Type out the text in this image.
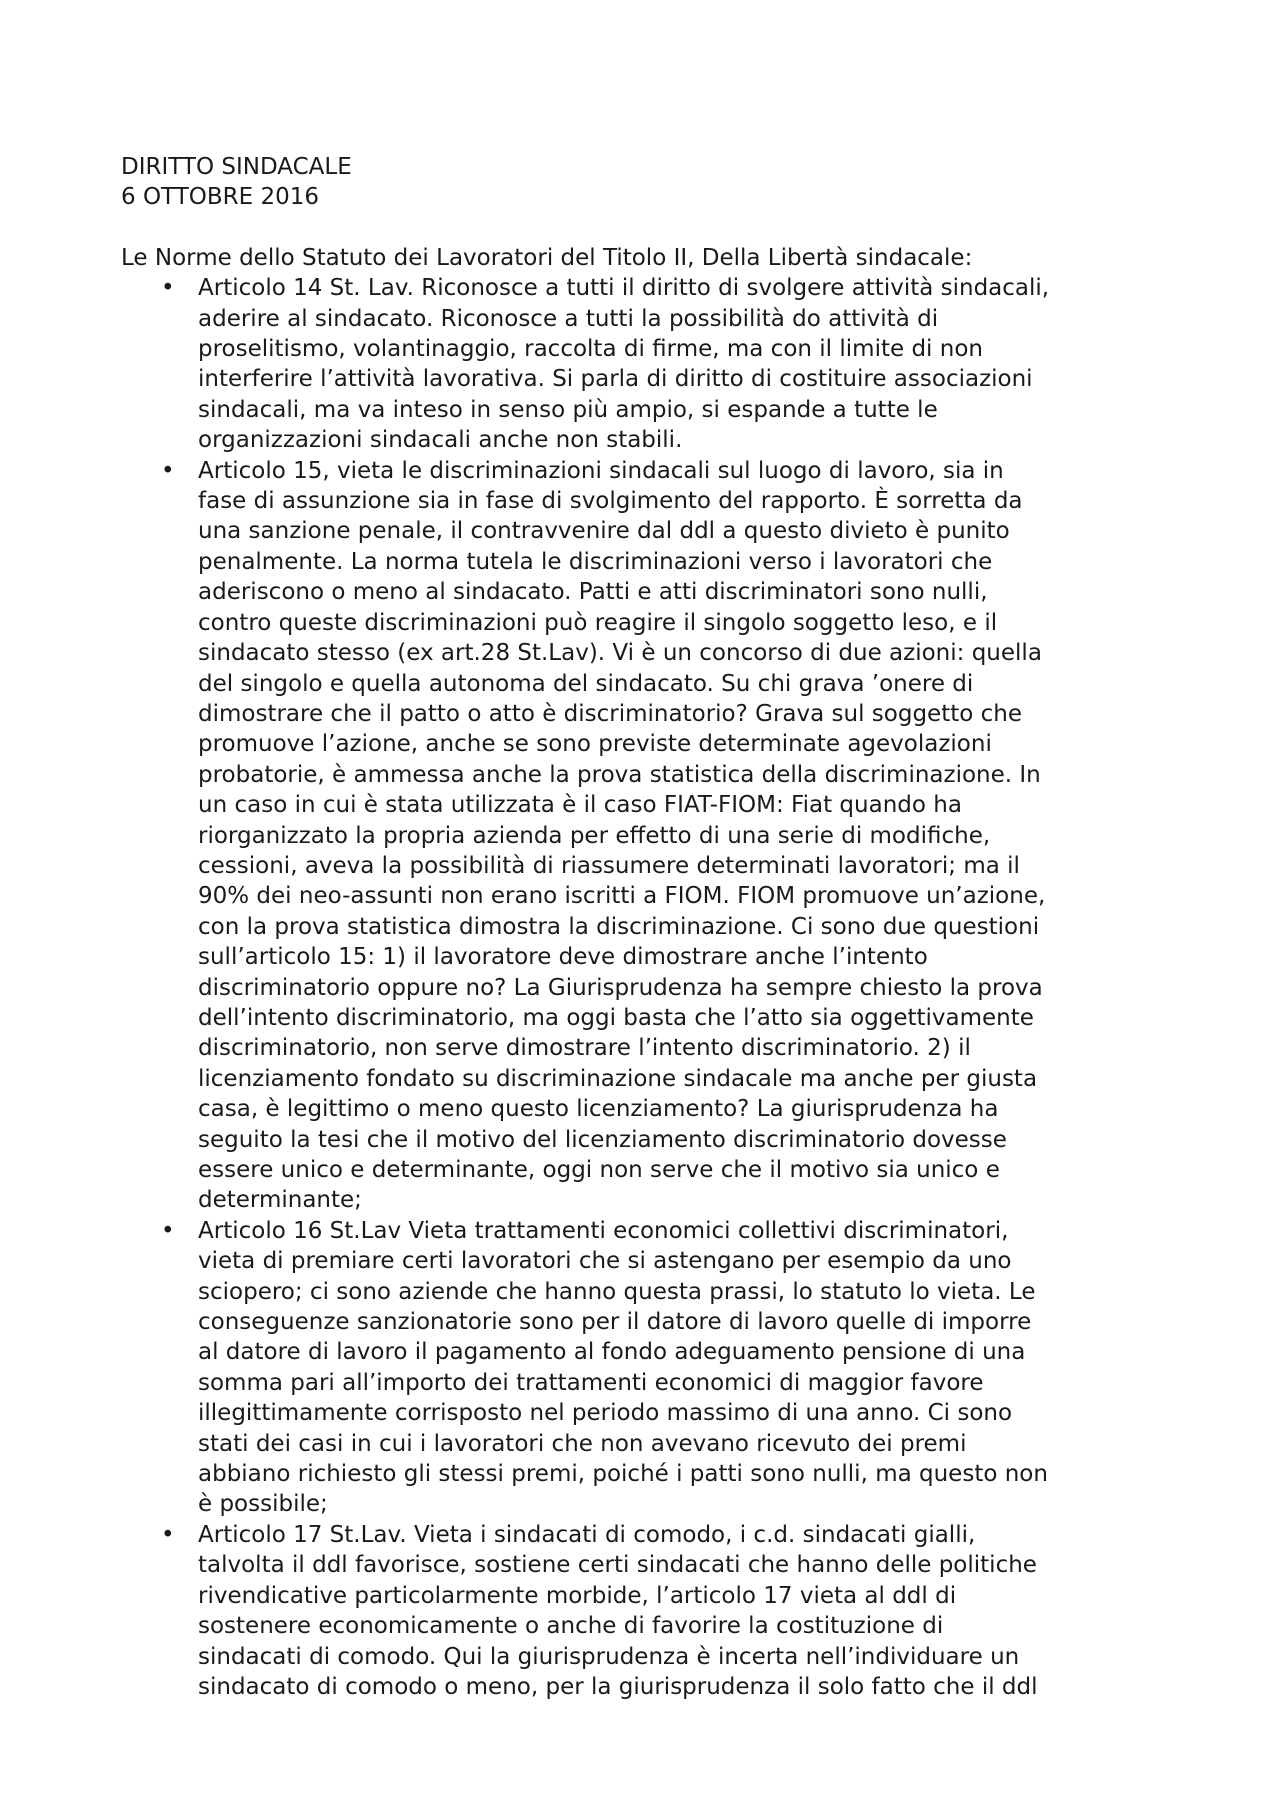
DIRITTO SINDACALE

6 OTTOBRE 2016

Le Norme dello Statuto dei Lavoratori del Titolo II, Della Libertà sindacale:

• Articolo 14 St. Lav. Riconosce a tutti il diritto di svolgere attività sindacali,
aderire al sindacato. Riconosce a tutti la possibilità do attività di
proselitismo, volantinaggio, raccolta di firme, ma con il limite di non
interferire l’attività lavorativa. Si parla di diritto di costituire associazioni
sindacali, ma va inteso in senso più ampio, si espande a tutte le
organizzazioni sindacali anche non stabili.
• Articolo 15, vieta le discriminazioni sindacali sul luogo di lavoro, sia in
fase di assunzione sia in fase di svolgimento del rapporto. È sorretta da
una sanzione penale, il contravvenire dal ddl a questo divieto è punito
penalmente. La norma tutela le discriminazioni verso i lavoratori che
aderiscono o meno al sindacato. Patti e atti discriminatori sono nulli,
contro queste discriminazioni può reagire il singolo soggetto leso, e il
sindacato stesso (ex art.28 St.Lav). Vi è un concorso di due azioni: quella
del singolo e quella autonoma del sindacato. Su chi grava ’onere di
dimostrare che il patto o atto è discriminatorio? Grava sul soggetto che
promuove l’azione, anche se sono previste determinate agevolazioni
probatorie, è ammessa anche la prova statistica della discriminazione. In
un caso in cui è stata utilizzata è il caso FIAT-FIOM: Fiat quando ha
riorganizzato la propria azienda per effetto di una serie di modifiche,
cessioni, aveva la possibilità di riassumere determinati lavoratori; ma il
90% dei neo-assunti non erano iscritti a FIOM. FIOM promuove un’azione,
con la prova statistica dimostra la discriminazione. Ci sono due questioni
sull’articolo 15: 1) il lavoratore deve dimostrare anche l’intento
discriminatorio oppure no? La Giurisprudenza ha sempre chiesto la prova
dell’intento discriminatorio, ma oggi basta che l’atto sia oggettivamente
discriminatorio, non serve dimostrare l’intento discriminatorio. 2) il
licenziamento fondato su discriminazione sindacale ma anche per giusta
casa, è legittimo o meno questo licenziamento? La giurisprudenza ha
seguito la tesi che il motivo del licenziamento discriminatorio dovesse
essere unico e determinante, oggi non serve che il motivo sia unico e
determinante;
• Articolo 16 St.Lav Vieta trattamenti economici collettivi discriminatori,
vieta di premiare certi lavoratori che si astengano per esempio da uno
sciopero; ci sono aziende che hanno questa prassi, lo statuto lo vieta. Le
conseguenze sanzionatorie sono per il datore di lavoro quelle di imporre
al datore di lavoro il pagamento al fondo adeguamento pensione di una
somma pari all’importo dei trattamenti economici di maggior favore
illegittimamente corrisposto nel periodo massimo di una anno. Ci sono
stati dei casi in cui i lavoratori che non avevano ricevuto dei premi
abbiano richiesto gli stessi premi, poiché i patti sono nulli, ma questo non
è possibile;
• Articolo 17 St.Lav. Vieta i sindacati di comodo, i c.d. sindacati gialli,
talvolta il ddl favorisce, sostiene certi sindacati che hanno delle politiche
rivendicative particolarmente morbide, l’articolo 17 vieta al ddl di
sostenere economicamente o anche di favorire la costituzione di
sindacati di comodo. Qui la giurisprudenza è incerta nell’individuare un
sindacato di comodo o meno, per la giurisprudenza il solo fatto che il ddl
